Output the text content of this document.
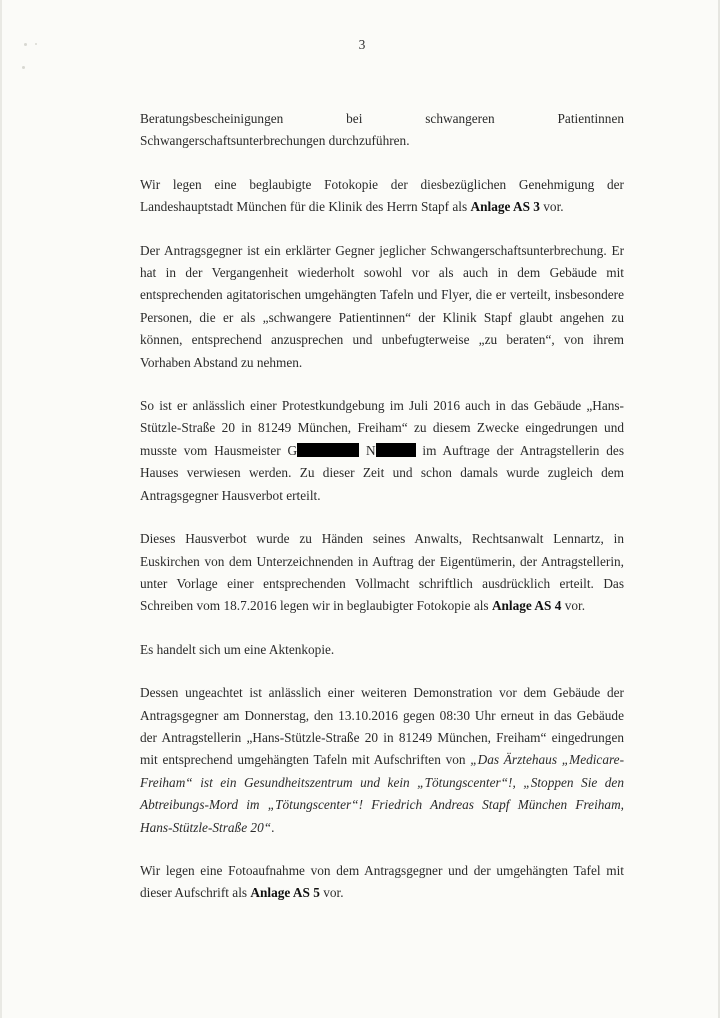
3

Beratungsbescheinigungen bei schwangeren Patientinnen
Schwangerschaftsunterbrechungen durchzuführen.

Wir legen eine beglaubigte Fotokopie der diesbezüglichen Genehmigung der Landeshauptstadt München für die Klinik des Herrn Stapf als Anlage AS 3 vor.

Der Antragsgegner ist ein erklärter Gegner jeglicher Schwangerschaftsunterbrechung. Er hat in der Vergangenheit wiederholt sowohl vor als auch in dem Gebäude mit entsprechenden agitatorischen umgehängten Tafeln und Flyer, die er verteilt, insbesondere Personen, die er als „schwangere Patientinnen“ der Klinik Stapf glaubt angehen zu können, entsprechend anzusprechen und unbefugterweise „zu beraten“, von ihrem Vorhaben Abstand zu nehmen.

So ist er anlässlich einer Protestkundgebung im Juli 2016 auch in das Gebäude „Hans-Stützle-Straße 20 in 81249 München, Freiham“ zu diesem Zwecke eingedrungen und musste vom Hausmeister G	N	im Auftrage der Antragstellerin des Hauses verwiesen werden. Zu dieser Zeit und schon damals wurde zugleich dem Antragsgegner Hausverbot erteilt.

Dieses Hausverbot wurde zu Händen seines Anwalts, Rechtsanwalt Lennartz, in Euskirchen von dem Unterzeichnenden in Auftrag der Eigentümerin, der Antragstellerin, unter Vorlage einer entsprechenden Vollmacht schriftlich ausdrücklich erteilt. Das Schreiben vom 18.7.2016 legen wir in beglaubigter Fotokopie als Anlage AS 4 vor.

Es handelt sich um eine Aktenkopie.

Dessen ungeachtet ist anlässlich einer weiteren Demonstration vor dem Gebäude der Antragsgegner am Donnerstag, den 13.10.2016 gegen 08:30 Uhr erneut in das Gebäude der Antragstellerin „Hans-Stützle-Straße 20 in 81249 München, Freiham“ eingedrungen mit entsprechend umgehängten Tafeln mit Aufschriften von „Das Ärztehaus „Medicare-Freiham“ ist ein Gesundheitszentrum und kein „Tötungscenter“!, „Stoppen Sie den Abtreibungs-Mord im „Tötungscenter“! Friedrich Andreas Stapf München Freiham, Hans-Stützle-Straße 20“.

Wir legen eine Fotoaufnahme von dem Antragsgegner und der umgehängten Tafel mit dieser Aufschrift als Anlage AS 5 vor.
